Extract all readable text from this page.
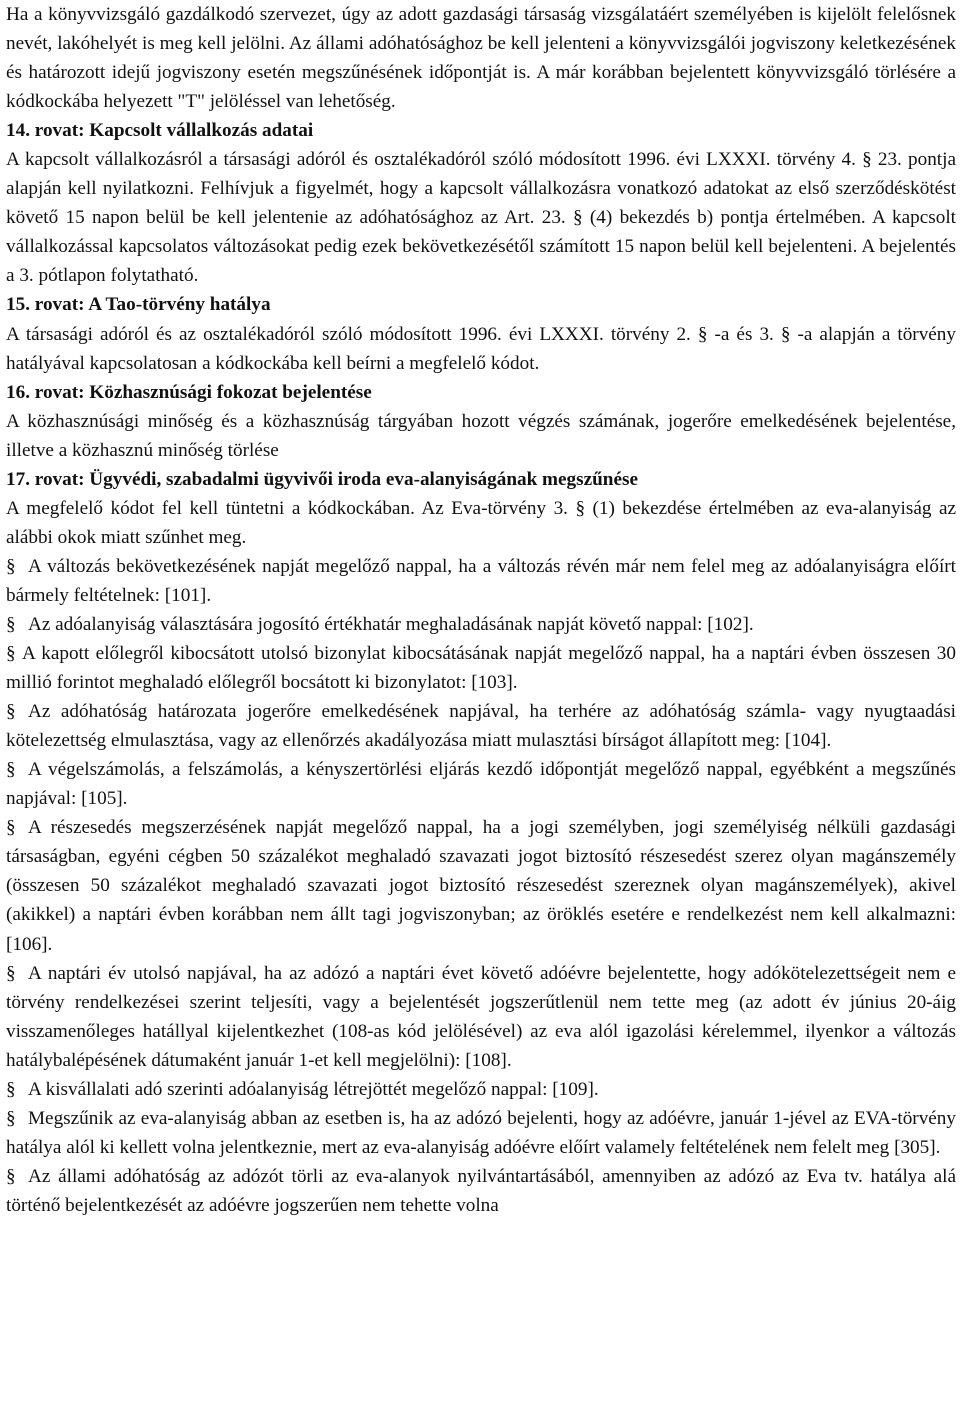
Ha a könyvvizsgáló gazdálkodó szervezet, úgy az adott gazdasági társaság vizsgálatáért személyében is kijelölt felelősnek nevét, lakóhelyét is meg kell jelölni. Az állami adóhatósághoz be kell jelenteni a könyvvizsgálói jogviszony keletkezésének és határozott idejű jogviszony esetén megszűnésének időpontját is. A már korábban bejelentett könyvvizsgáló törlésére a kódkockába helyezett "T" jelöléssel van lehetőség.

14. rovat: Kapcsolt vállalkozás adatai

A kapcsolt vállalkozásról a társasági adóról és osztalékadóról szóló módosított 1996. évi LXXXI. törvény 4. § 23. pontja alapján kell nyilatkozni. Felhívjuk a figyelmét, hogy a kapcsolt vállalkozásra vonatkozó adatokat az első szerződéskötést követő 15 napon belül be kell jelentenie az adóhatósághoz az Art. 23. § (4) bekezdés b) pontja értelmében. A kapcsolt vállalkozással kapcsolatos változásokat pedig ezek bekövetkezésétől számított 15 napon belül kell bejelenteni. A bejelentés a 3. pótlapon folytatható.

15. rovat: A Tao-törvény hatálya

A társasági adóról és az osztalékadóról szóló módosított 1996. évi LXXXI. törvény 2. § -a és 3. § -a alapján a törvény hatályával kapcsolatosan a kódkockába kell beírni a megfelelő kódot.

16. rovat: Közhasznúsági fokozat bejelentése

A közhasznúsági minőség és a közhasznúság tárgyában hozott végzés számának, jogerőre emelkedésének bejelentése, illetve a közhasznú minőség törlése

17. rovat: Ügyvédi, szabadalmi ügyvivői iroda eva-alanyiságának megszűnése

A megfelelő kódot fel kell tüntetni a kódkockában. Az Eva-törvény 3. § (1) bekezdése értelmében az eva-alanyiság az alábbi okok miatt szűnhet meg.

§ A változás bekövetkezésének napját megelőző nappal, ha a változás révén már nem felel meg az adóalanyiságra előírt bármely feltételnek: [101].

§ Az adóalanyiság választására jogosító értékhatár meghaladásának napját követő nappal: [102].

§ A kapott előlegről kibocsátott utolsó bizonylat kibocsátásának napját megelőző nappal, ha a naptári évben összesen 30 millió forintot meghaladó előlegről bocsátott ki bizonylatot: [103].

§ Az adóhatóság határozata jogerőre emelkedésének napjával, ha terhére az adóhatóság számla- vagy nyugtaadási kötelezettség elmulasztása, vagy az ellenőrzés akadályozása miatt mulasztási bírságot állapított meg: [104].

§ A végelszámolás, a felszámolás, a kényszertörlési eljárás kezdő időpontját megelőző nappal, egyébként a megszűnés napjával: [105].

§ A részesedés megszerzésének napját megelőző nappal, ha a jogi személyben, jogi személyiség nélküli gazdasági társaságban, egyéni cégben 50 százalékot meghaladó szavazati jogot biztosító részesedést szerez olyan magánszemély (összesen 50 százalékot meghaladó szavazati jogot biztosító részesedést szereznek olyan magánszemélyek), akivel (akikkel) a naptári évben korábban nem állt tagi jogviszonyban; az öröklés esetére e rendelkezést nem kell alkalmazni: [106].

§ A naptári év utolsó napjával, ha az adózó a naptári évet követő adóévre bejelentette, hogy adókötelezettségeit nem e törvény rendelkezései szerint teljesíti, vagy a bejelentését jogszerűtlenül nem tette meg (az adott év június 20-áig visszamenőleges hatállyal kijelentkezhet (108-as kód jelölésével) az eva alól igazolási kérelemmel, ilyenkor a változás hatálybalépésének dátumaként január 1-et kell megjelölni): [108].

§ A kisvállalati adó szerinti adóalanyiság létrejöttét megelőző nappal: [109].

§ Megszűnik az eva-alanyiság abban az esetben is, ha az adózó bejelenti, hogy az adóévre, január 1-jével az EVA-törvény hatálya alól ki kellett volna jelentkeznie, mert az eva-alanyiság adóévre előírt valamely feltételének nem felelt meg [305].

§ Az állami adóhatóság az adózót törli az eva-alanyok nyilvántartásából, amennyiben az adózó az Eva tv. hatálya alá történő bejelentkezését az adóévre jogszerűen nem tehette volna
